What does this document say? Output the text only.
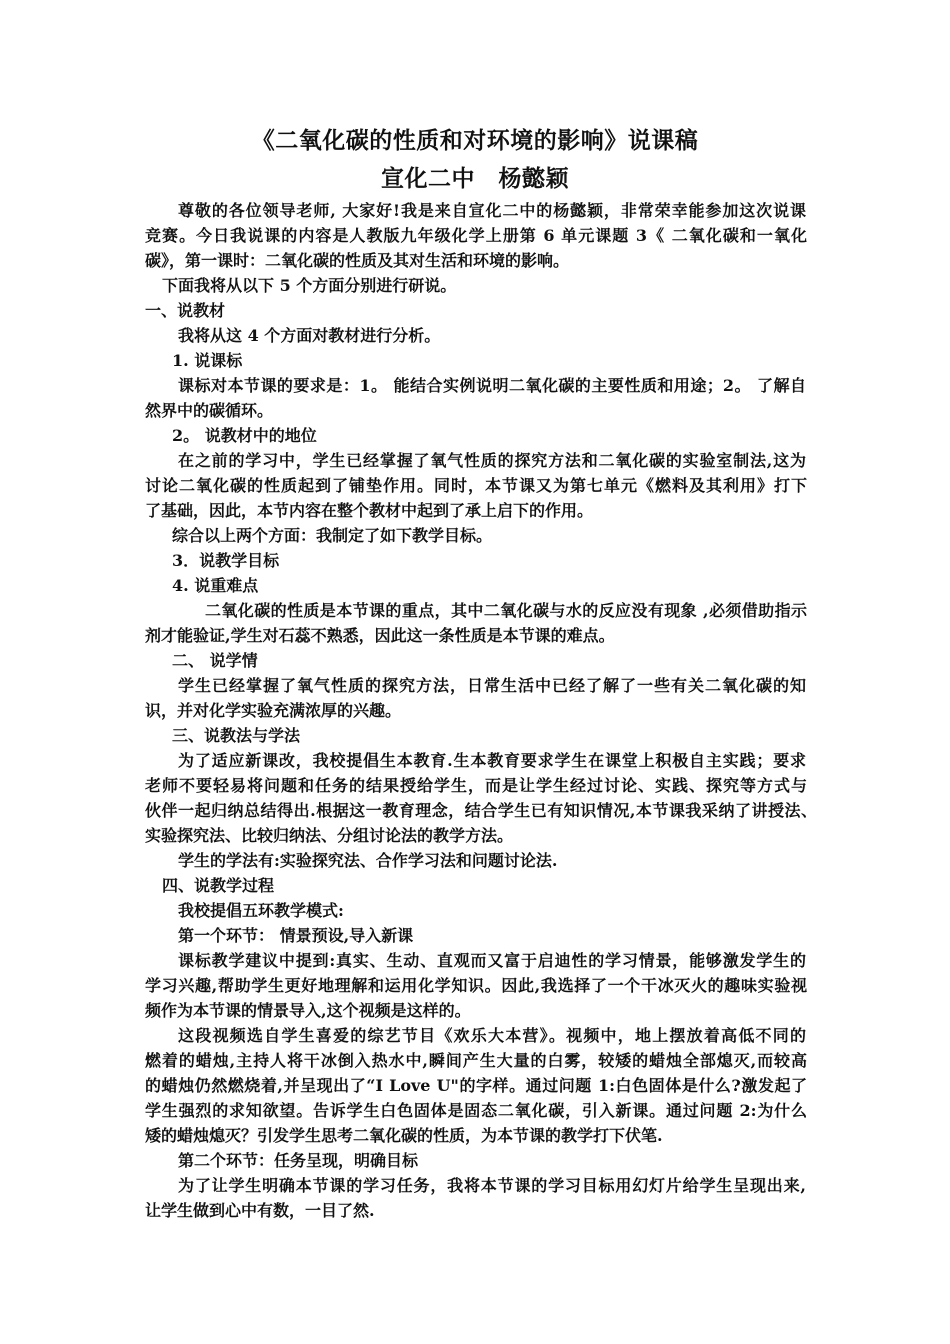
《二氧化碳的性质和对环境的影响》说课稿
宣化二中　杨懿颖
尊敬的各位领导老师, 大家好!我是来自宣化二中的杨懿颖，非常荣幸能参加这次说课
竞赛。今日我说课的内容是人教版九年级化学上册第 6 单元课题 3《 二氧化碳和一氧化
碳》，第一课时：二氧化碳的性质及其对生活和环境的影响。
下面我将从以下 5 个方面分别进行研说。
一、说教材
我将从这 4 个方面对教材进行分析。
1. 说课标
课标对本节课的要求是：1。 能结合实例说明二氧化碳的主要性质和用途；2。 了解自
然界中的碳循环。
2。 说教材中的地位
在之前的学习中，学生已经掌握了氧气性质的探究方法和二氧化碳的实验室制法,这为
讨论二氧化碳的性质起到了铺垫作用。同时，本节课又为第七单元《燃料及其利用》打下
了基础，因此，本节内容在整个教材中起到了承上启下的作用。
综合以上两个方面：我制定了如下教学目标。
3．说教学目标
4. 说重难点
二氧化碳的性质是本节课的重点，其中二氧化碳与水的反应没有现象 ,必须借助指示
剂才能验证,学生对石蕊不熟悉，因此这一条性质是本节课的难点。
二、 说学情
学生已经掌握了氧气性质的探究方法，日常生活中已经了解了一些有关二氧化碳的知
识，并对化学实验充满浓厚的兴趣。
三、说教法与学法
为了适应新课改，我校提倡生本教育.生本教育要求学生在课堂上积极自主实践；要求
老师不要轻易将问题和任务的结果授给学生，而是让学生经过讨论、实践、探究等方式与
伙伴一起归纳总结得出.根据这一教育理念，结合学生已有知识情况,本节课我采纳了讲授法、
实验探究法、比较归纳法、分组讨论法的教学方法。
学生的学法有:实验探究法、合作学习法和问题讨论法.
四、说教学过程
我校提倡五环教学模式:
第一个环节： 情景预设,导入新课
课标教学建议中提到:真实、生动、直观而又富于启迪性的学习情景，能够激发学生的
学习兴趣,帮助学生更好地理解和运用化学知识。因此,我选择了一个干冰灭火的趣味实验视
频作为本节课的情景导入,这个视频是这样的。
这段视频选自学生喜爱的综艺节目《欢乐大本营》。视频中，地上摆放着高低不同的
燃着的蜡烛,主持人将干冰倒入热水中,瞬间产生大量的白雾，较矮的蜡烛全部熄灭,而较高
的蜡烛仍然燃烧着,并呈现出了“I Love U"的字样。通过问题 1:白色固体是什么?激发起了
学生强烈的求知欲望。告诉学生白色固体是固态二氧化碳，引入新课。通过问题 2:为什么
矮的蜡烛熄灭？引发学生思考二氧化碳的性质，为本节课的教学打下伏笔.
第二个环节：任务呈现，明确目标
为了让学生明确本节课的学习任务，我将本节课的学习目标用幻灯片给学生呈现出来,
让学生做到心中有数，一目了然.
